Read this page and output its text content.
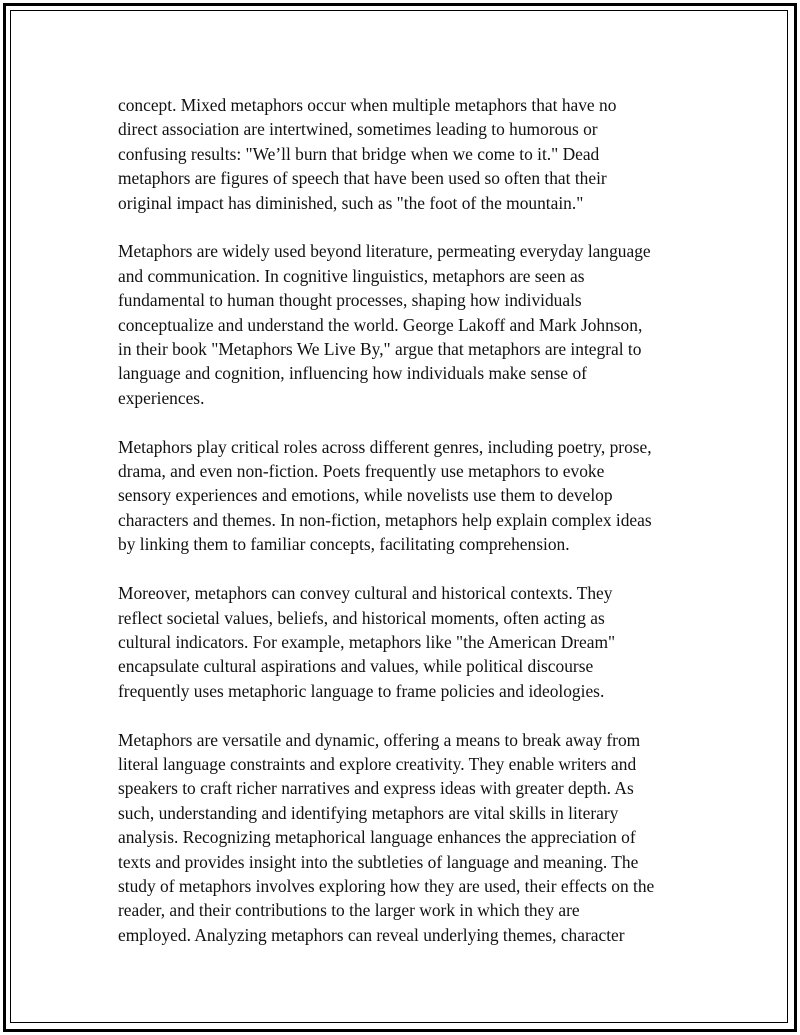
concept. Mixed metaphors occur when multiple metaphors that have no
direct association are intertwined, sometimes leading to humorous or
confusing results: "We’ll burn that bridge when we come to it." Dead
metaphors are figures of speech that have been used so often that their
original impact has diminished, such as "the foot of the mountain."
Metaphors are widely used beyond literature, permeating everyday language
and communication. In cognitive linguistics, metaphors are seen as
fundamental to human thought processes, shaping how individuals
conceptualize and understand the world. George Lakoff and Mark Johnson,
in their book "Metaphors We Live By," argue that metaphors are integral to
language and cognition, influencing how individuals make sense of
experiences.
Metaphors play critical roles across different genres, including poetry, prose,
drama, and even non-fiction. Poets frequently use metaphors to evoke
sensory experiences and emotions, while novelists use them to develop
characters and themes. In non-fiction, metaphors help explain complex ideas
by linking them to familiar concepts, facilitating comprehension.
Moreover, metaphors can convey cultural and historical contexts. They
reflect societal values, beliefs, and historical moments, often acting as
cultural indicators. For example, metaphors like "the American Dream"
encapsulate cultural aspirations and values, while political discourse
frequently uses metaphoric language to frame policies and ideologies.
Metaphors are versatile and dynamic, offering a means to break away from
literal language constraints and explore creativity. They enable writers and
speakers to craft richer narratives and express ideas with greater depth. As
such, understanding and identifying metaphors are vital skills in literary
analysis. Recognizing metaphorical language enhances the appreciation of
texts and provides insight into the subtleties of language and meaning. The
study of metaphors involves exploring how they are used, their effects on the
reader, and their contributions to the larger work in which they are
employed. Analyzing metaphors can reveal underlying themes, character
